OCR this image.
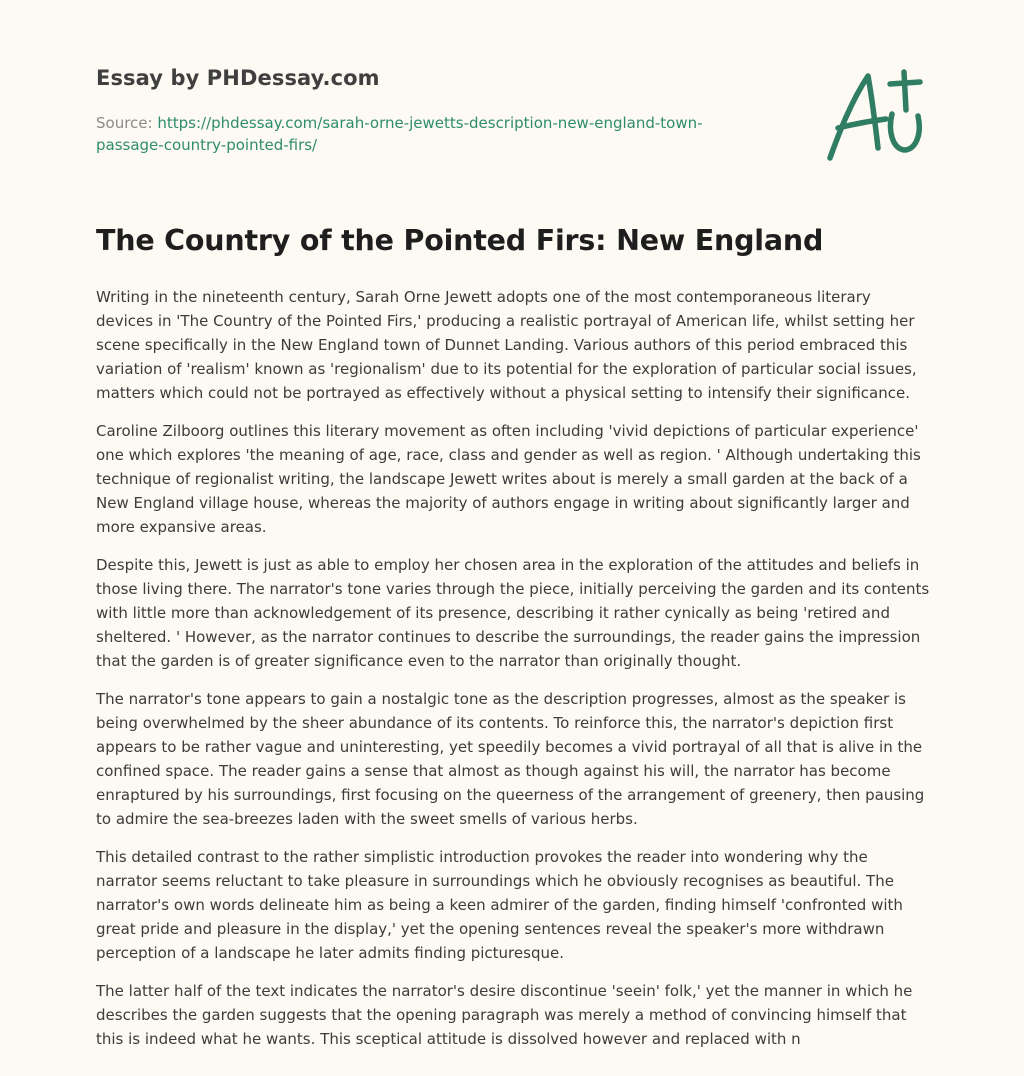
Essay by PHDessay.com
Source: https://phdessay.com/sarah-orne-jewetts-description-new-england-town-passage-country-pointed-firs/
The Country of the Pointed Firs: New England

Writing in the nineteenth century, Sarah Orne Jewett adopts one of the most contemporaneous literary devices in 'The Country of the Pointed Firs,' producing a realistic portrayal of American life, whilst setting her scene specifically in the New England town of Dunnet Landing. Various authors of this period embraced this variation of 'realism' known as 'regionalism' due to its potential for the exploration of particular social issues, matters which could not be portrayed as effectively without a physical setting to intensify their significance.

Caroline Zilboorg outlines this literary movement as often including 'vivid depictions of particular experience' one which explores 'the meaning of age, race, class and gender as well as region. ' Although undertaking this technique of regionalist writing, the landscape Jewett writes about is merely a small garden at the back of a New England village house, whereas the majority of authors engage in writing about significantly larger and more expansive areas.

Despite this, Jewett is just as able to employ her chosen area in the exploration of the attitudes and beliefs in those living there. The narrator's tone varies through the piece, initially perceiving the garden and its contents with little more than acknowledgement of its presence, describing it rather cynically as being 'retired and sheltered. ' However, as the narrator continues to describe the surroundings, the reader gains the impression that the garden is of greater significance even to the narrator than originally thought.

The narrator's tone appears to gain a nostalgic tone as the description progresses, almost as the speaker is being overwhelmed by the sheer abundance of its contents. To reinforce this, the narrator's depiction first appears to be rather vague and uninteresting, yet speedily becomes a vivid portrayal of all that is alive in the confined space. The reader gains a sense that almost as though against his will, the narrator has become enraptured by his surroundings, first focusing on the queerness of the arrangement of greenery, then pausing to admire the sea-breezes laden with the sweet smells of various herbs.

This detailed contrast to the rather simplistic introduction provokes the reader into wondering why the narrator seems reluctant to take pleasure in surroundings which he obviously recognises as beautiful. The narrator's own words delineate him as being a keen admirer of the garden, finding himself 'confronted with great pride and pleasure in the display,' yet the opening sentences reveal the speaker's more withdrawn perception of a landscape he later admits finding picturesque.

The latter half of the text indicates the narrator's desire discontinue 'seein' folk,' yet the manner in which he describes the garden suggests that the opening paragraph was merely a method of convincing himself that this is indeed what he wants. This sceptical attitude is dissolved however and replaced with n
